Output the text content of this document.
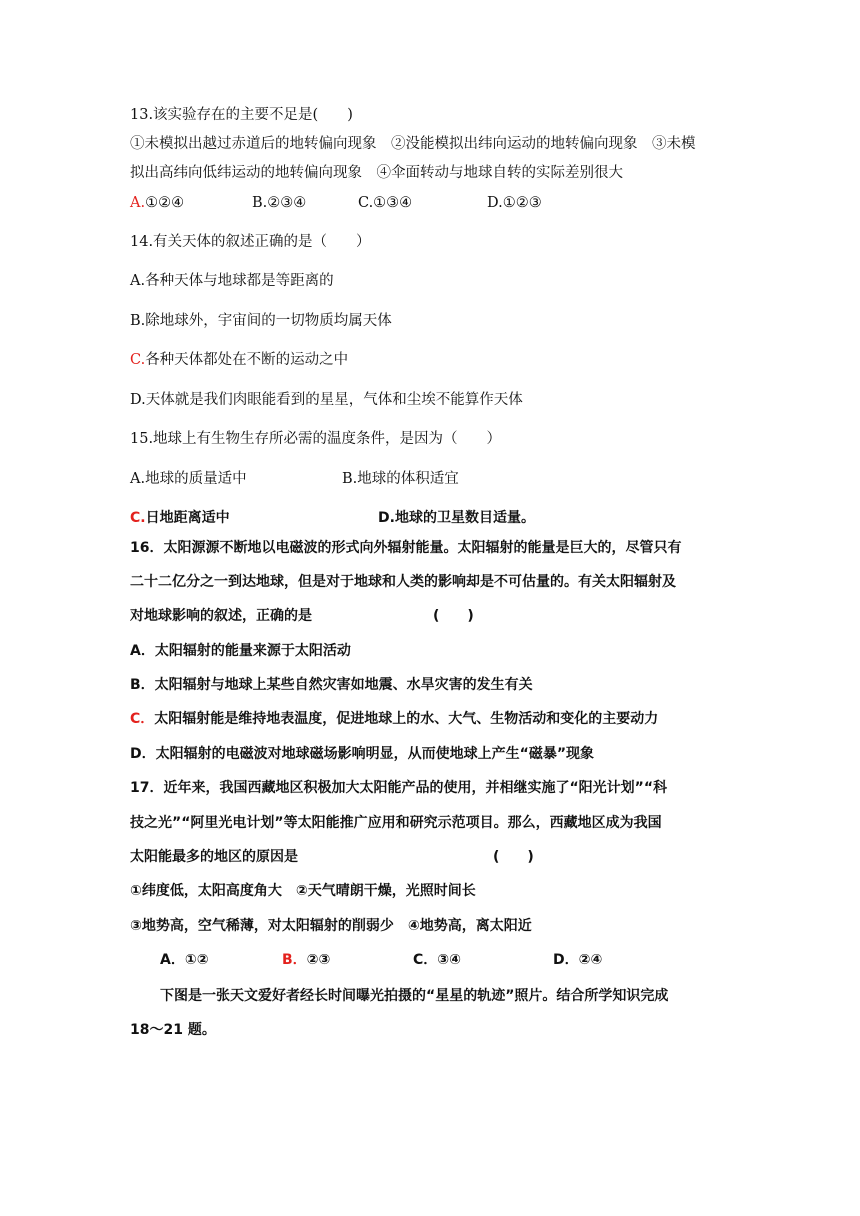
13.该实验存在的主要不足是(　　)
①未模拟出越过赤道后的地转偏向现象　②没能模拟出纬向运动的地转偏向现象　③未模
拟出高纬向低纬运动的地转偏向现象　④伞面转动与地球自转的实际差别很大
A.①②④	B.②③④	C.①③④	D.①②③
14.有关天体的叙述正确的是（　　）
A.各种天体与地球都是等距离的
B.除地球外，宇宙间的一切物质均属天体
C.各种天体都处在不断的运动之中
D.天体就是我们肉眼能看到的星星，气体和尘埃不能算作天体
15.地球上有生物生存所必需的温度条件，是因为（　　）
A.地球的质量适中	B.地球的体积适宜
C.日地距离适中	D.地球的卫星数目适量。
16．太阳源源不断地以电磁波的形式向外辐射能量。太阳辐射的能量是巨大的，尽管只有
二十二亿分之一到达地球，但是对于地球和人类的影响却是不可估量的。有关太阳辐射及
对地球影响的叙述，正确的是	(　　)
A．太阳辐射的能量来源于太阳活动
B．太阳辐射与地球上某些自然灾害如地震、水旱灾害的发生有关
C．太阳辐射能是维持地表温度，促进地球上的水、大气、生物活动和变化的主要动力
D．太阳辐射的电磁波对地球磁场影响明显，从而使地球上产生“磁暴”现象
17．近年来，我国西藏地区积极加大太阳能产品的使用，并相继实施了“阳光计划”“科
技之光”“阿里光电计划”等太阳能推广应用和研究示范项目。那么，西藏地区成为我国
太阳能最多的地区的原因是	(　　)
①纬度低，太阳高度角大　②天气晴朗干燥，光照时间长
③地势高，空气稀薄，对太阳辐射的削弱少　④地势高，离太阳近
A．①②	B．②③	C．③④	D．②④
下图是一张天文爱好者经长时间曝光拍摄的“星星的轨迹”照片。结合所学知识完成
18～21 题。
